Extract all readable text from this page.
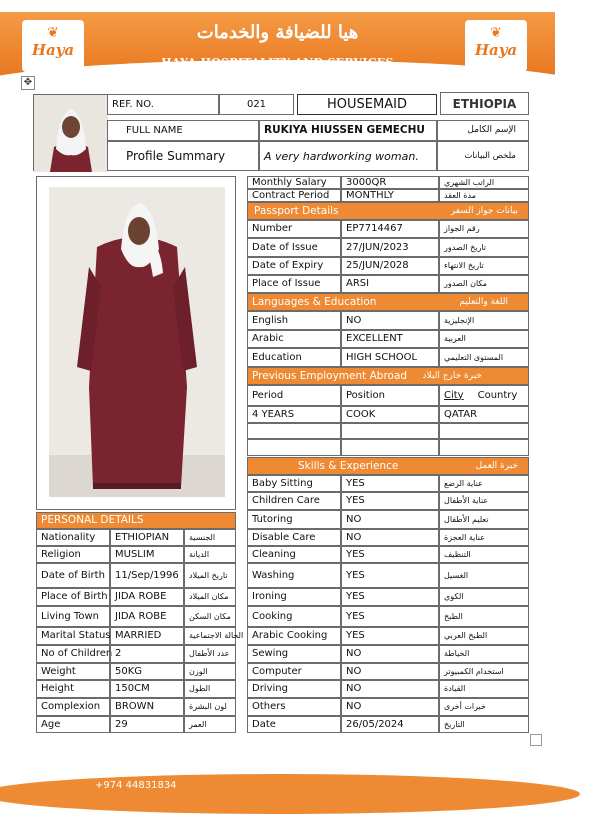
هيا للضيافة والخدمات
HAYA HOSPITALITY AND SERVICES
❦
Haya
❦
Haya
✥
REF. NO.	021	HOUSEMAID	ETHIOPIA
FULL NAME	RUKIYA HIUSSEN GEMECHU	الإسم الكامل
Profile Summary	A very hardworking woman.	ملخص البيانات
PERSONAL DETAILS
Nationality	ETHIOPIAN	الجنسية
Religion	MUSLIM	الديانة
Date of Birth	11/Sep/1996	تاريخ الميلاد
Place of Birth JIDA ROBE	مكان الميلاد
Living Town	JIDA ROBE	مكان السكن
Marital Status MARRIED	الحالة الاجتماعية
No of Children 2	عدد الأطفال
Weight	50KG	الوزن
Height	150CM	الطول
Complexion	BROWN	لون البشرة
Age	29	العمر
Monthly Salary	3000QR	الراتب الشهري
Contract Period	MONTHLY	مدة العقد
Passport Details	بيانات جواز السفر
Number	EP7714467	رقم الجواز
Date of Issue	27/JUN/2023	تاريخ الصدور
Date of Expiry	25/JUN/2028	تاريخ الانتهاء
Place of Issue	ARSI	مكان الصدور
Languages & Education	اللغة والتعليم
English	NO	الإنجليزية
Arabic	EXCELLENT	العربية
Education	HIGH SCHOOL	المستوى التعليمي
Previous Employment Abroad خبرة خارج البلاد
Period	Position	City Country
4 YEARS	COOK	QATAR
Skills & Experience	خبرة العمل
Baby Sitting	YES	عناية الرضع
Children Care	YES	عناية الأطفال
Tutoring	NO	تعليم الأطفال
Disable Care	NO	عناية العجزة
Cleaning	YES	التنظيف
Washing	YES	الغسيل
Ironing	YES	الكوي
Cooking	YES	الطبخ
Arabic Cooking	YES	الطبخ العربي
Sewing	NO	الخياطة
Computer	NO	استخدام الكمبيوتر
Driving	NO	القيادة
Others	NO	خبرات أخرى
Date	26/05/2024	التاريخ
+974 44831834
